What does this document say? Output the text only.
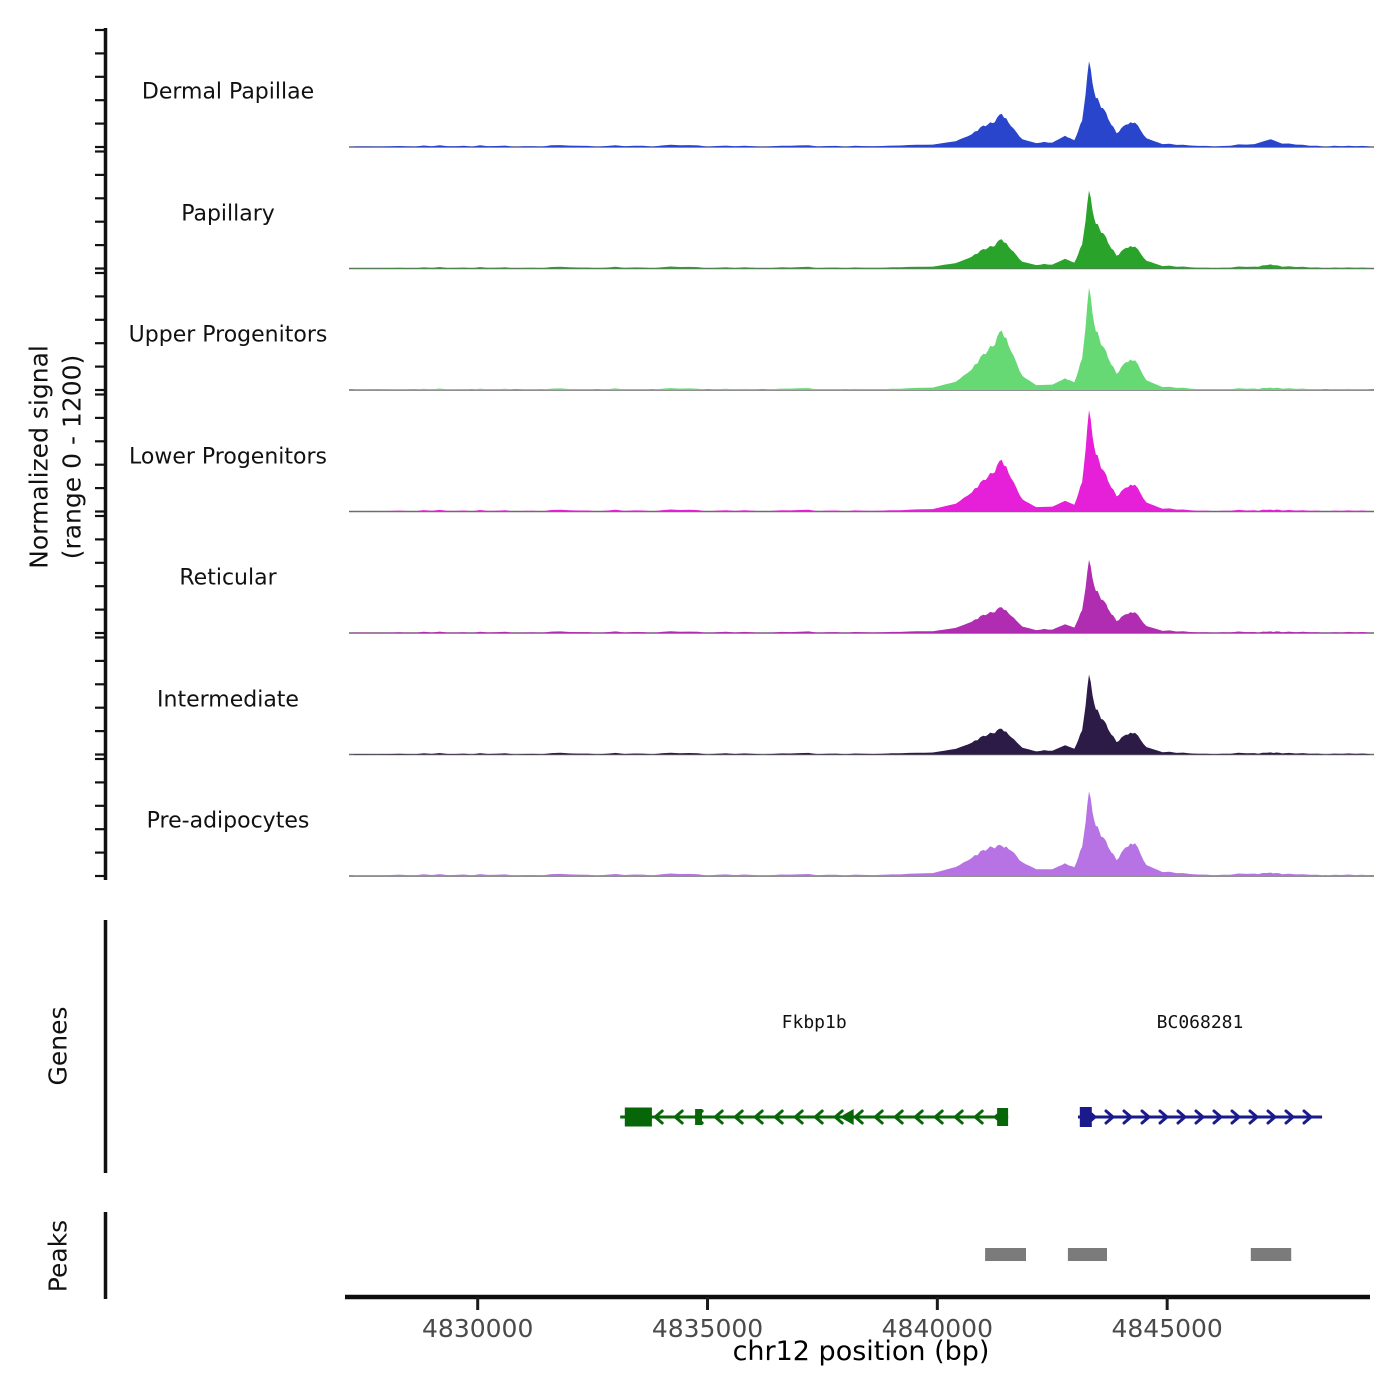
Normalized signal (range 0 - 1200)
Genes
Peaks
chr12 position (bp)
Dermal Papillae
Papillary
Upper Progenitors
Lower Progenitors
Reticular
Intermediate
Pre-adipocytes
Fkbp1b	BC068281
4830000	4835000	4840000	4845000
